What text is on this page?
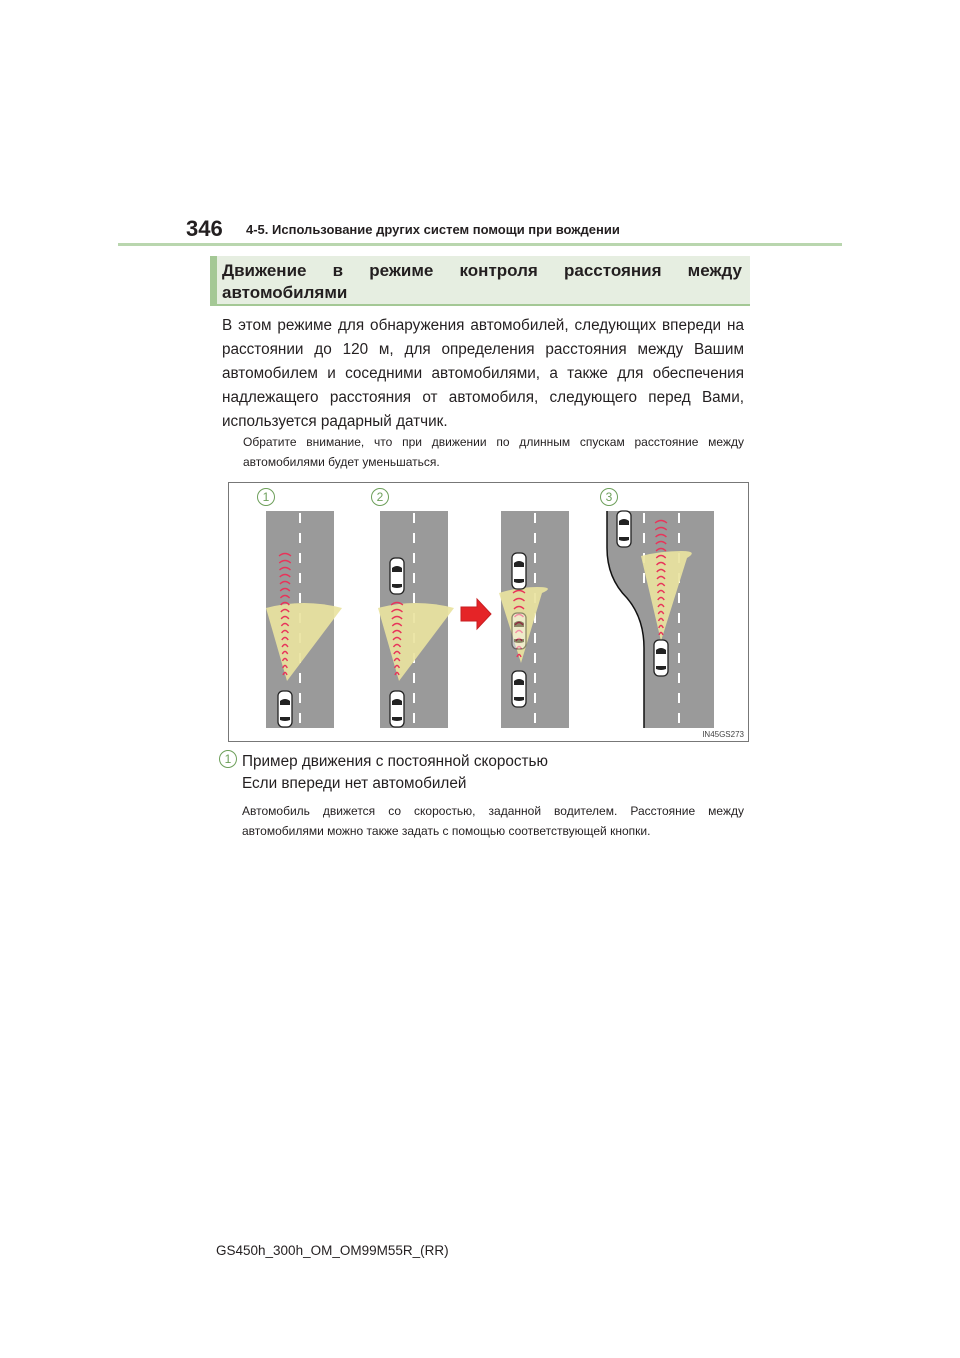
346 4-5. Использование других систем помощи при вождении
Движение в режиме контроля расстояния между автомобилями
В этом режиме для обнаружения автомобилей, следующих впереди на расстоянии до 120 м, для определения расстояния между Вашим автомобилем и соседними автомобилями, а также для обеспечения надлежащего расстояния от автомобиля, следующего перед Вами, используется радарный датчик.
Обратите внимание, что при движении по длинным спускам расстояние между автомобилями будет уменьшаться.
1	2	3
IN45GS273
1 Пример движения с постоянной скоростью
Если впереди нет автомобилей
Автомобиль движется со скоростью, заданной водителем. Расстояние между автомобилями можно также задать с помощью соответствующей кнопки.
GS450h_300h_OM_OM99M55R_(RR)
